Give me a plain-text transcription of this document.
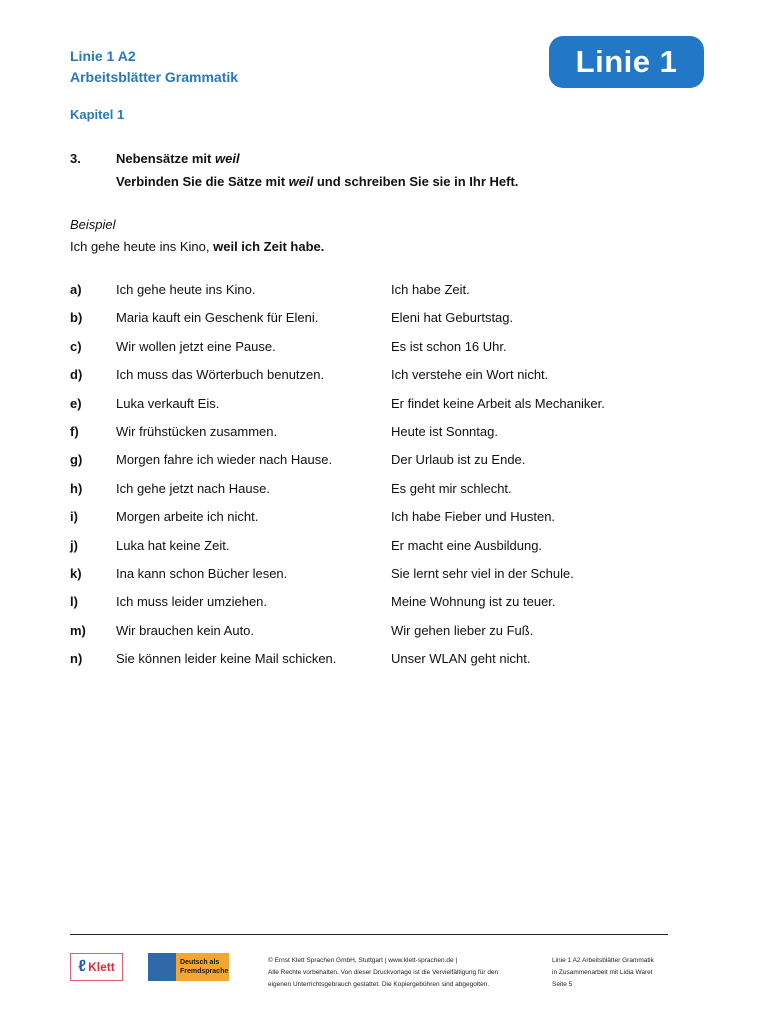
Linie 1 A2
Arbeitsblätter Grammatik	Linie 1
Kapitel 1
3.	Nebensätze mit weil
Verbinden Sie die Sätze mit weil und schreiben Sie sie in Ihr Heft.
Beispiel
Ich gehe heute ins Kino, weil ich Zeit habe.
a)	Ich gehe heute ins Kino.	Ich habe Zeit.
b)	Maria kauft ein Geschenk für Eleni.	Eleni hat Geburtstag.
c)	Wir wollen jetzt eine Pause.	Es ist schon 16 Uhr.
d)	Ich muss das Wörterbuch benutzen.	Ich verstehe ein Wort nicht.
e)	Luka verkauft Eis.	Er findet keine Arbeit als Mechaniker.
f)	Wir frühstücken zusammen.	Heute ist Sonntag.
g)	Morgen fahre ich wieder nach Hause.	Der Urlaub ist zu Ende.
h)	Ich gehe jetzt nach Hause.	Es geht mir schlecht.
i)	Morgen arbeite ich nicht.	Ich habe Fieber und Husten.
j)	Luka hat keine Zeit.	Er macht eine Ausbildung.
k)	Ina kann schon Bücher lesen.	Sie lernt sehr viel in der Schule.
l)	Ich muss leider umziehen.	Meine Wohnung ist zu teuer.
m) Wir brauchen kein Auto.	Wir gehen lieber zu Fuß.
n)	Sie können leider keine Mail schicken.	Unser WLAN geht nicht.
ℓ Klett	Deutsch als
Fremdsprache
© Ernst Klett Sprachen GmbH, Stuttgart | www.klett-sprachen.de |
Alle Rechte vorbehalten. Von dieser Druckvorlage ist die Vervielfältigung für den
eigenen Unterrichtsgebrauch gestattet. Die Kopiergebühren sind abgegolten.
Linie 1 A2 Arbeitsblätter Grammatik
in Zusammenarbeit mit Lidia Waret
Seite 5
